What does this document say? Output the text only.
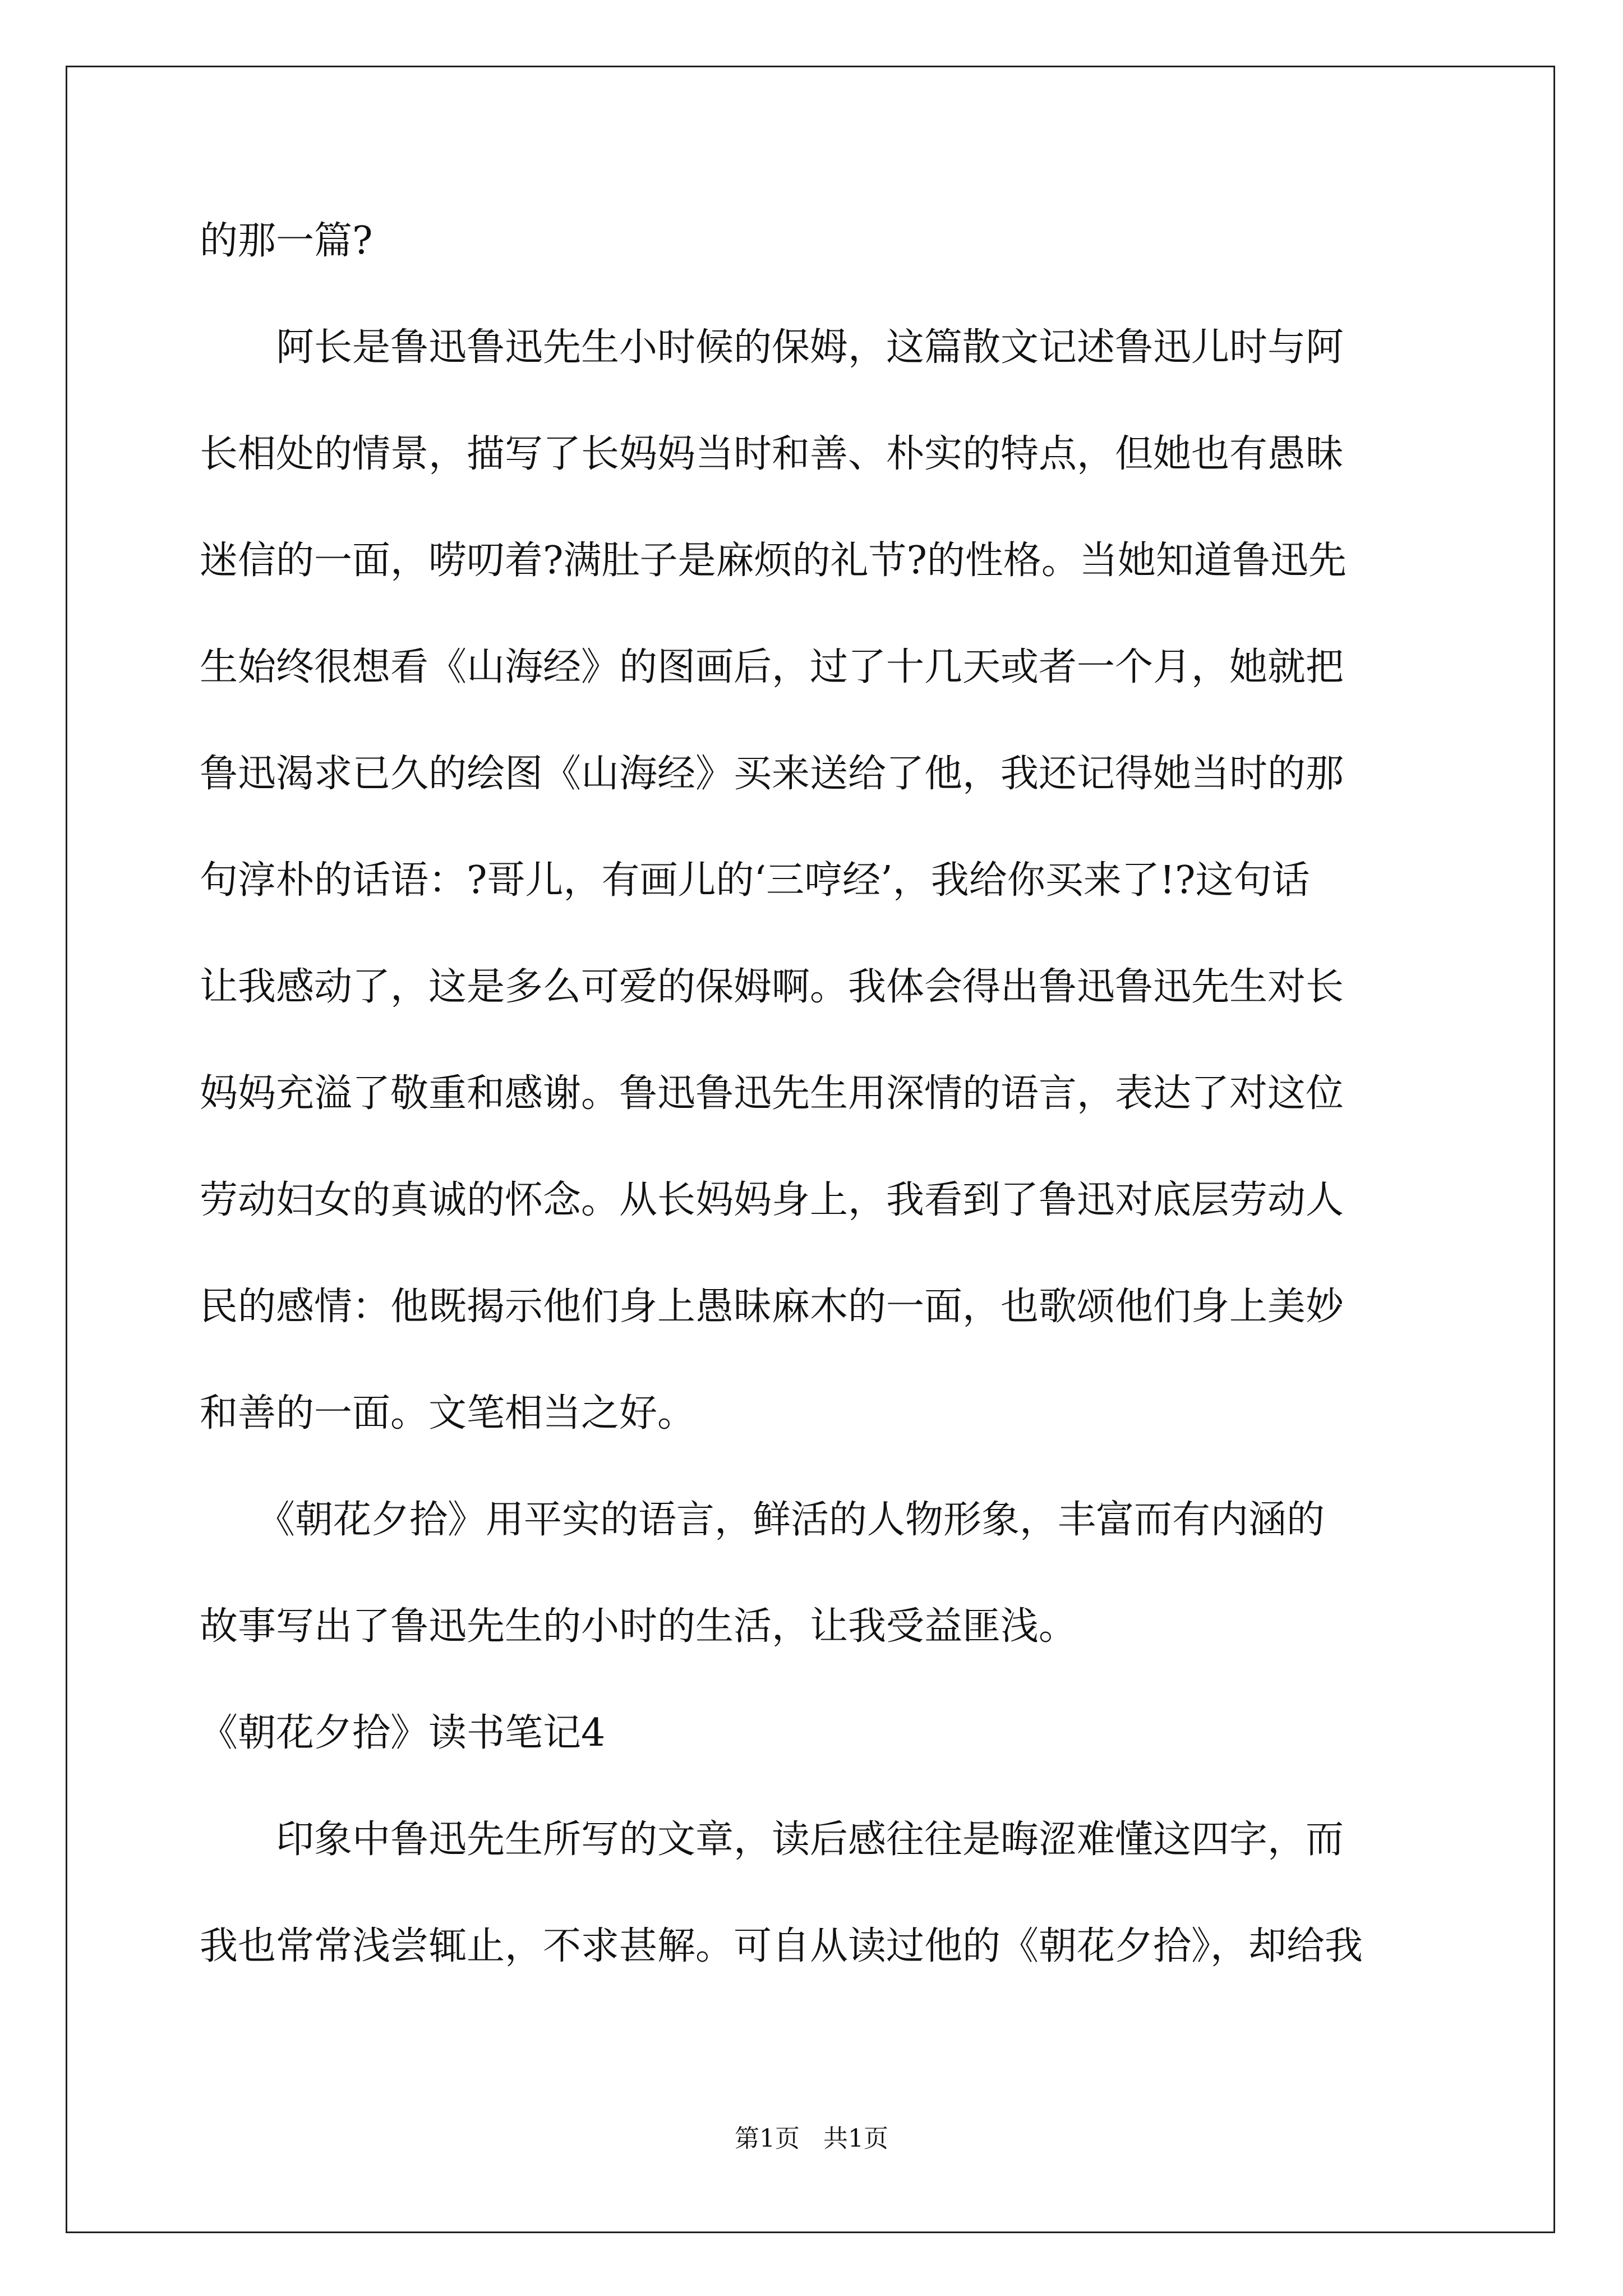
的那一篇?
　　阿长是鲁迅鲁迅先生小时候的保姆，这篇散文记述鲁迅儿时与阿
长相处的情景，描写了长妈妈当时和善、朴实的特点，但她也有愚昧
迷信的一面，唠叨着?满肚子是麻烦的礼节?的性格。当她知道鲁迅先
生始终很想看《山海经》的图画后，过了十几天或者一个月，她就把
鲁迅渴求已久的绘图《山海经》买来送给了他，我还记得她当时的那
句淳朴的话语：?哥儿，有画儿的‘三哼经’，我给你买来了!?这句话
让我感动了，这是多么可爱的保姆啊。我体会得出鲁迅鲁迅先生对长
妈妈充溢了敬重和感谢。鲁迅鲁迅先生用深情的语言，表达了对这位
劳动妇女的真诚的怀念。从长妈妈身上，我看到了鲁迅对底层劳动人
民的感情：他既揭示他们身上愚昧麻木的一面，也歌颂他们身上美妙
和善的一面。文笔相当之好。
　　《朝花夕拾》用平实的语言，鲜活的人物形象，丰富而有内涵的
故事写出了鲁迅先生的小时的生活，让我受益匪浅。
《朝花夕拾》读书笔记4
　　印象中鲁迅先生所写的文章，读后感往往是晦涩难懂这四字，而
我也常常浅尝辄止，不求甚解。可自从读过他的《朝花夕拾》，却给我
第1页   共1页
